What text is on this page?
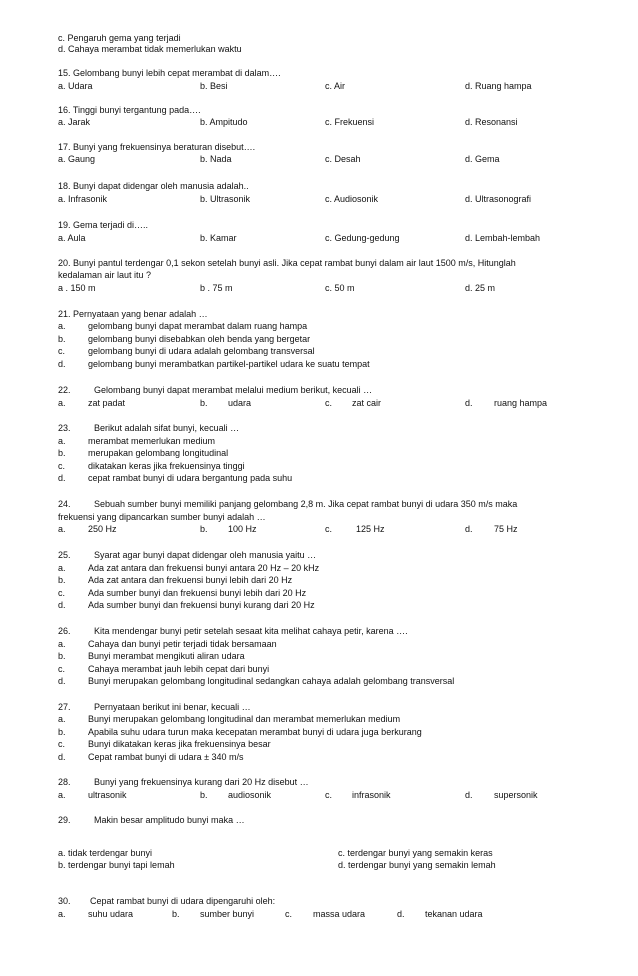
c. Pengaruh gema yang terjadi
d. Cahaya merambat tidak memerlukan waktu
15. Gelombang bunyi lebih cepat merambat di dalam….
a. Udara	b. Besi	c. Air	d. Ruang hampa
16. Tinggi bunyi tergantung pada….
a. Jarak	b. Ampitudo	c. Frekuensi	d. Resonansi
17. Bunyi yang frekuensinya beraturan disebut….
a. Gaung	b. Nada	c. Desah	d. Gema
18. Bunyi dapat didengar oleh manusia adalah..
a. Infrasonik	b. Ultrasonik	c. Audiosonik	d. Ultrasonografi
19. Gema terjadi di…..
a. Aula	b. Kamar	c. Gedung-gedung	d. Lembah-lembah
20. Bunyi pantul terdengar 0,1 sekon setelah bunyi asli. Jika cepat rambat bunyi dalam air laut 1500 m/s, Hitunglah
kedalaman air laut itu ?
a . 150 m	b . 75 m	c. 50 m	d. 25 m
21. Pernyataan yang benar adalah …
a. gelombang bunyi dapat merambat dalam ruang hampa
b. gelombang bunyi disebabkan oleh benda yang bergetar
c.	gelombang bunyi di udara adalah gelombang transversal
d. gelombang bunyi merambatkan partikel-partikel udara ke suatu tempat
22.	Gelombang bunyi dapat merambat melalui medium berikut, kecuali …
a. zat padat	b. udara	c. zat cair	d. ruang hampa
23.	Berikut adalah sifat bunyi, kecuali …
a. merambat memerlukan medium
b. merupakan gelombang longitudinal
c.	dikatakan keras jika frekuensinya tinggi
d. cepat rambat bunyi di udara bergantung pada suhu
24.	Sebuah sumber bunyi memiliki panjang gelombang 2,8 m. Jika cepat rambat bunyi di udara 350 m/s maka
frekuensi yang dipancarkan sumber bunyi adalah …
a. 250 Hz	b. 100 Hz	c.	125 Hz	d. 75 Hz
25.	Syarat agar bunyi dapat didengar oleh manusia yaitu …
a. Ada zat antara dan frekuensi bunyi antara 20 Hz – 20 kHz
b. Ada zat antara dan frekuensi bunyi lebih dari 20 Hz
c.	Ada sumber bunyi dan frekuensi bunyi lebih dari 20 Hz
d. Ada sumber bunyi dan frekuensi bunyi kurang dari 20 Hz
26.	Kita mendengar bunyi petir setelah sesaat kita melihat cahaya petir, karena ….
a. Cahaya dan bunyi petir terjadi tidak bersamaan
b. Bunyi merambat mengikuti aliran udara
c.	Cahaya merambat jauh lebih cepat dari bunyi
d. Bunyi merupakan gelombang longitudinal sedangkan cahaya adalah gelombang transversal
27.	Pernyataan berikut ini benar, kecuali …
a. Bunyi merupakan gelombang longitudinal dan merambat memerlukan medium
b. Apabila suhu udara turun maka kecepatan merambat bunyi di udara juga berkurang
c.	Bunyi dikatakan keras jika frekuensinya besar
d. Cepat rambat bunyi di udara ± 340 m/s
28.	Bunyi yang frekuensinya kurang dari 20 Hz disebut …
a. ultrasonik	b. audiosonik	c. infrasonik	d. supersonik
29.	Makin besar amplitudo bunyi maka …
a. tidak terdengar bunyi	c. terdengar bunyi yang semakin keras
b. terdengar bunyi tapi lemah	d. terdengar bunyi yang semakin lemah
30. Cepat rambat bunyi di udara dipengaruhi oleh:
a. suhu udara	b. sumber bunyi	c. massa udara	d. tekanan udara
